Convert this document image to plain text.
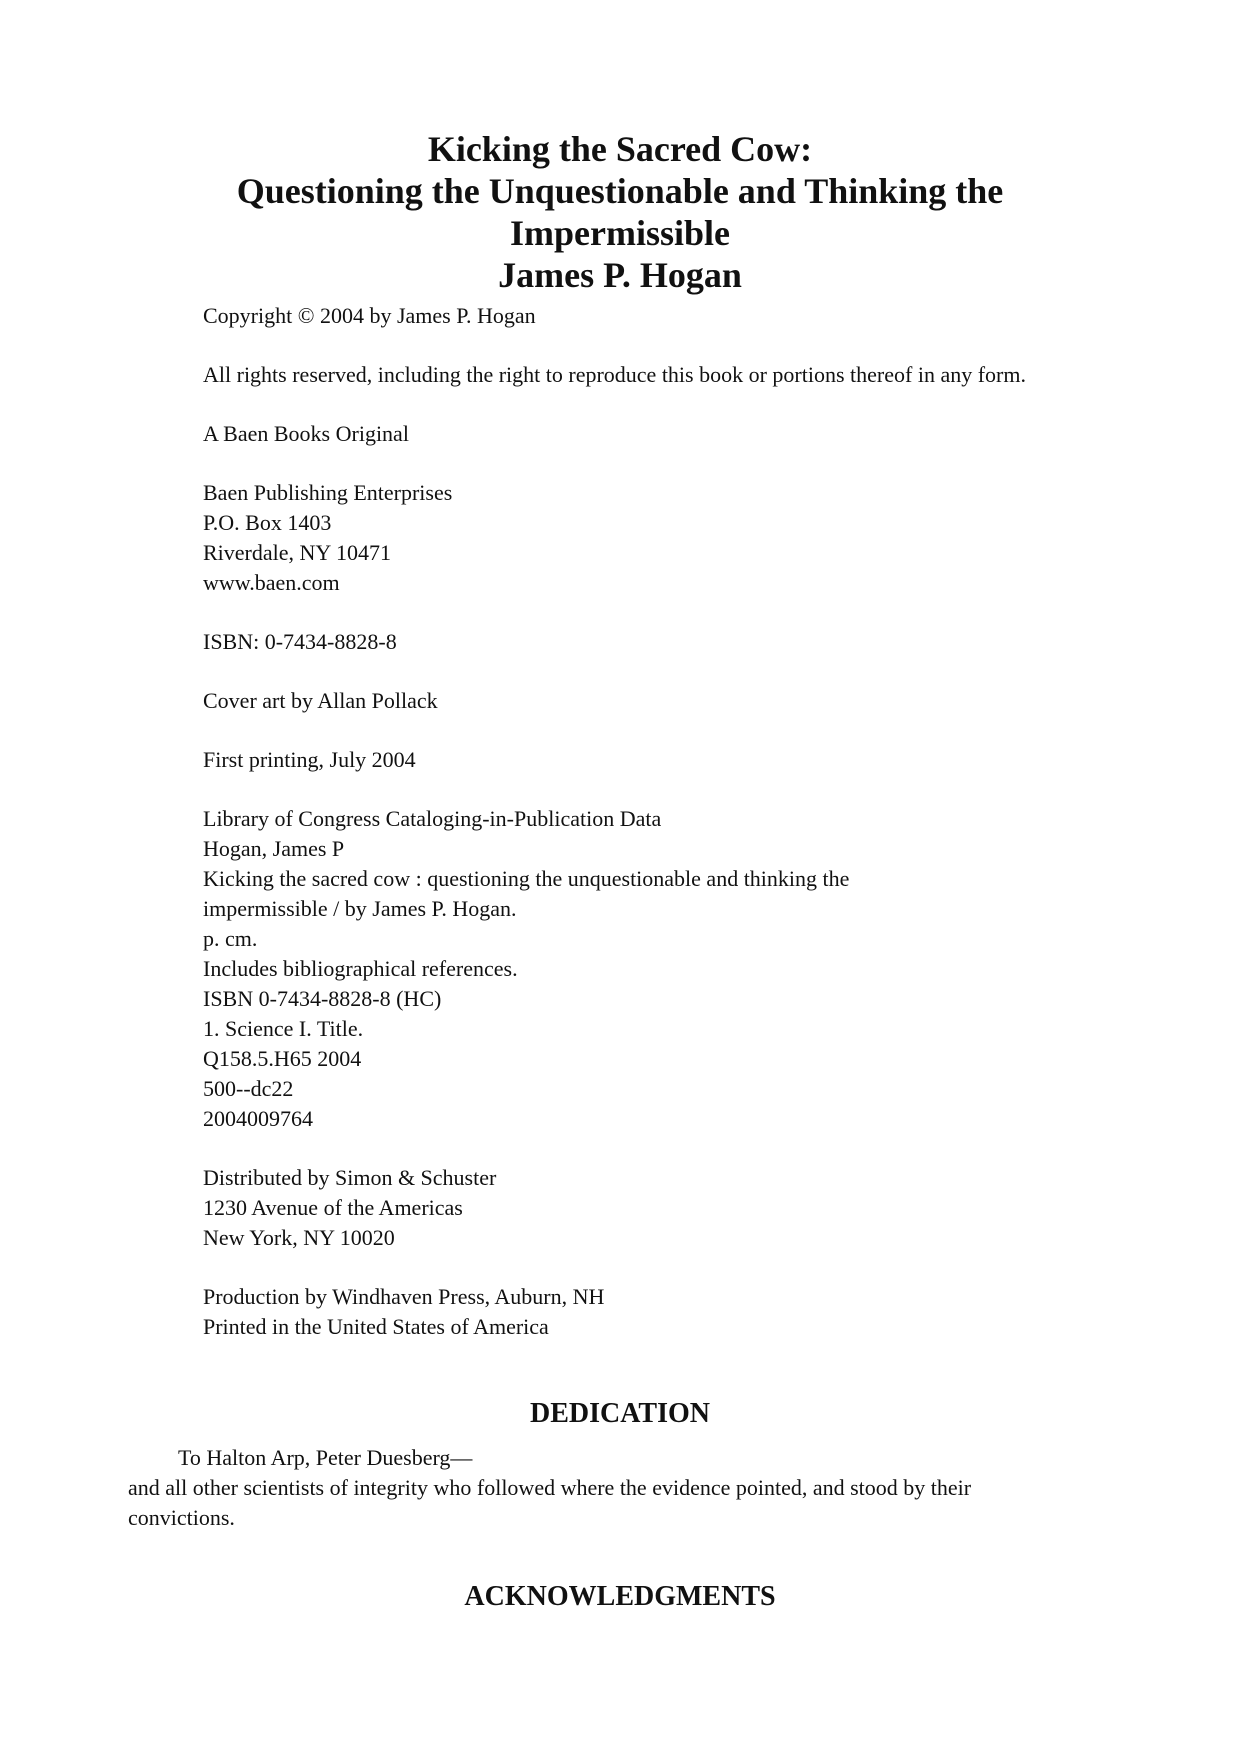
Kicking the Sacred Cow:
Questioning the Unquestionable and Thinking the
Impermissible
James P. Hogan
Copyright © 2004 by James P. Hogan
All rights reserved, including the right to reproduce this book or portions thereof in any form.
A Baen Books Original
Baen Publishing Enterprises
P.O. Box 1403
Riverdale, NY 10471
www.baen.com
ISBN: 0-7434-8828-8
Cover art by Allan Pollack
First printing, July 2004
Library of Congress Cataloging-in-Publication Data
Hogan, James P
Kicking the sacred cow : questioning the unquestionable and thinking the
impermissible / by James P. Hogan.
p. cm.
Includes bibliographical references.
ISBN 0-7434-8828-8 (HC)
1. Science I. Title.
Q158.5.H65 2004
500--dc22
2004009764
Distributed by Simon & Schuster
1230 Avenue of the Americas
New York, NY 10020
Production by Windhaven Press, Auburn, NH
Printed in the United States of America
DEDICATION
To Halton Arp, Peter Duesberg—
and all other scientists of integrity who followed where the evidence pointed, and stood by their convictions.
ACKNOWLEDGMENTS
